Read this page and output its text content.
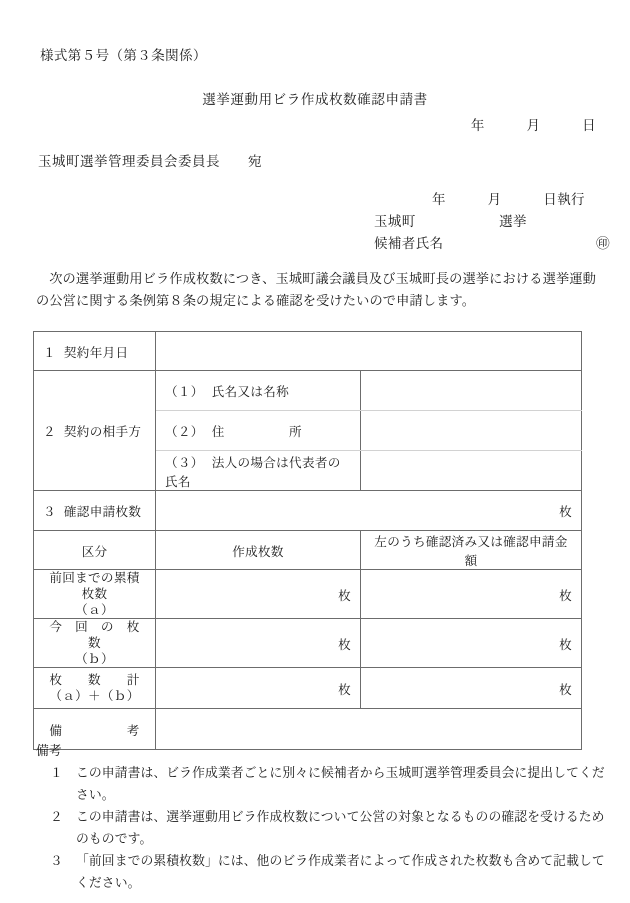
様式第５号（第３条関係）
選挙運動用ビラ作成枚数確認申請書
年　　　月　　　日
玉城町選挙管理委員会委員長　　宛
年　　　月　　　日執行
玉城町　　　　　　選挙
候補者氏名	㊞
次の選挙運動用ビラ作成枚数につき、玉城町議会議員及び玉城町長の選挙における選挙運動の公営に関する条例第８条の規定による確認を受けたいので申請します。
１ 契約年月日		
２ 契約の相手方	（１） 氏名又は名称	
	（２） 住　　　　　所	
	（３） 法人の場合は代表者の氏名	
３ 確認申請枚数	枚	
区分	作成枚数	左のうち確認済み又は確認申請金額

前回までの累積枚数
（ａ）	枚	枚

今　回　の　枚　数
（ｂ）	枚	枚

枚　　数　　計
（ａ）＋（ｂ）	枚	枚
備　　　　　考		
備考
１	この申請書は、ビラ作成業者ごとに別々に候補者から玉城町選挙管理委員会に提出してください。
２	この申請書は、選挙運動用ビラ作成枚数について公営の対象となるものの確認を受けるためのものです。
３	「前回までの累積枚数」には、他のビラ作成業者によって作成された枚数も含めて記載してください。
